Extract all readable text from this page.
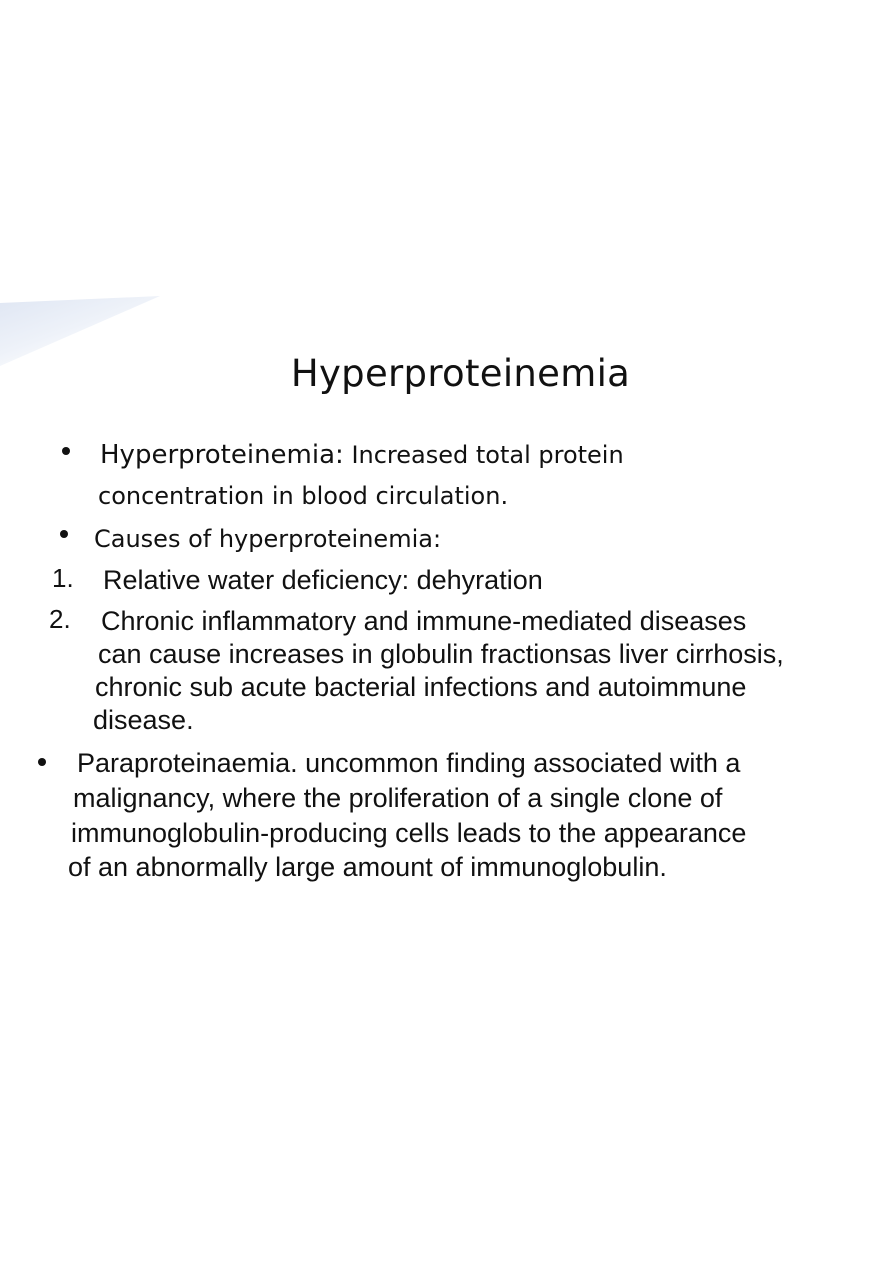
Hyperproteinemia
Hyperproteinemia: Increased total protein
concentration in blood circulation.
Causes of hyperproteinemia:
1. Relative water deficiency: dehyration
2. Chronic inflammatory and immune-mediated diseases
can cause increases in globulin fractionsas liver cirrhosis,
chronic sub acute bacterial infections and autoimmune
disease.
Paraproteinaemia. uncommon finding associated with a
malignancy, where the proliferation of a single clone of
immunoglobulin-producing cells leads to the appearance
of an abnormally large amount of immunoglobulin.
